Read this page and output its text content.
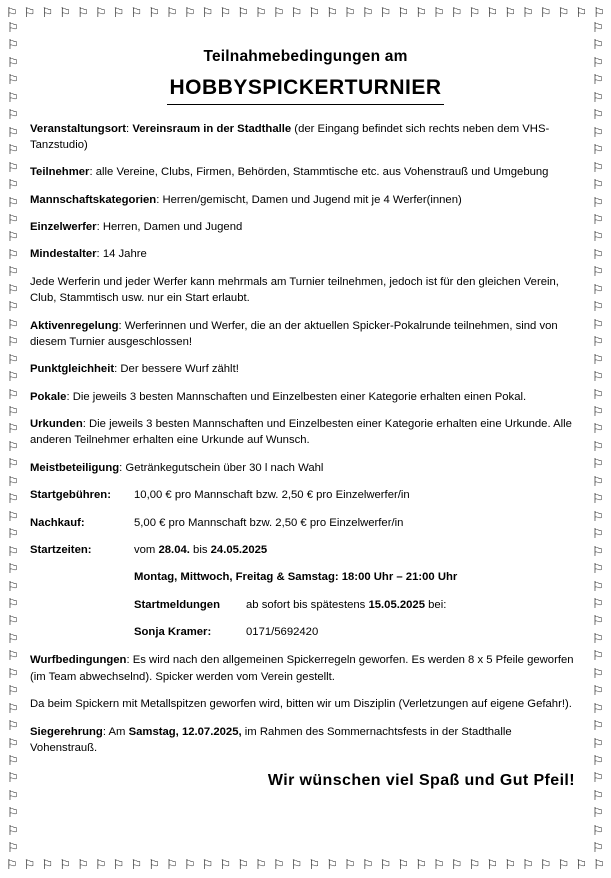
⚐ ⚐ ⚐ ⚐ ⚐ ⚐ ⚐ ⚐ ⚐ ⚐ ⚐ ⚐ ⚐ ⚐ ⚐ ⚐ ⚐ ⚐ ⚐ ⚐ ⚐ ⚐ ⚐ ⚐ ⚐ ⚐ ⚐ ⚐ ⚐ ⚐ ⚐ ⚐ ⚐ ⚐
⚐ ⚐ ⚐ ⚐ ⚐ ⚐ ⚐ ⚐ ⚐ ⚐ ⚐ ⚐ ⚐ ⚐ ⚐ ⚐ ⚐ ⚐ ⚐ ⚐ ⚐ ⚐ ⚐ ⚐ ⚐ ⚐ ⚐ ⚐ ⚐ ⚐ ⚐ ⚐ ⚐ ⚐
⚐
⚐
⚐
⚐
⚐
⚐
⚐
⚐
⚐
⚐
⚐
⚐
⚐
⚐
⚐
⚐
⚐
⚐
⚐
⚐
⚐
⚐
⚐
⚐
⚐
⚐
⚐
⚐
⚐
⚐
⚐
⚐
⚐
⚐
⚐
⚐
⚐
⚐
⚐
⚐
⚐
⚐
⚐
⚐
⚐
⚐
⚐
⚐
⚐
⚐
⚐
⚐
⚐
⚐
⚐
⚐
⚐
⚐
⚐
⚐
⚐
⚐
⚐
⚐
⚐
⚐
⚐
⚐
⚐
⚐
⚐
⚐
⚐
⚐
⚐
⚐
⚐
⚐
⚐
⚐
⚐
⚐
⚐
⚐
⚐
⚐
⚐
⚐
⚐
⚐
⚐
⚐
⚐
⚐
⚐
⚐
Teilnahmebedingungen am
hobbyspickerturnier

Veranstaltungsort: Vereinsraum in der Stadthalle (der Eingang befindet sich rechts neben dem VHS-Tanzstudio)

Teilnehmer: alle Vereine, Clubs, Firmen, Behörden, Stammtische etc. aus Vohenstrauß und Umgebung

Mannschaftskategorien: Herren/gemischt, Damen und Jugend mit je 4 Werfer(innen)

Einzelwerfer: Herren, Damen und Jugend

Mindestalter: 14 Jahre

Jede Werferin und jeder Werfer kann mehrmals am Turnier teilnehmen, jedoch ist für den gleichen Verein, Club, Stammtisch usw. nur ein Start erlaubt.

Aktivenregelung: Werferinnen und Werfer, die an der aktuellen Spicker-Pokalrunde teilnehmen, sind von diesem Turnier ausgeschlossen!

Punktgleichheit: Der bessere Wurf zählt!

Pokale: Die jeweils 3 besten Mannschaften und Einzelbesten einer Kategorie erhalten einen Pokal.

Urkunden: Die jeweils 3 besten Mannschaften und Einzelbesten einer Kategorie erhalten eine Urkunde. Alle anderen Teilnehmer erhalten eine Urkunde auf Wunsch.

Meistbeteiligung: Getränkegutschein über 30 l nach Wahl

Startgebühren:	10,00 € pro Mannschaft bzw. 2,50 € pro Einzelwerfer/in
Nachkauf:	5,00 € pro Mannschaft bzw. 2,50 € pro Einzelwerfer/in
Startzeiten:	vom 28.04. bis 24.05.2025
Montag, Mittwoch, Freitag & Samstag: 18:00 Uhr – 21:00 Uhr
Startmeldungen	ab sofort bis spätestens 15.05.2025 bei:
Sonja Kramer:	0171/5692420

Wurfbedingungen: Es wird nach den allgemeinen Spickerregeln geworfen. Es werden 8 x 5 Pfeile geworfen (im Team abwechselnd). Spicker werden vom Verein gestellt.

Da beim Spickern mit Metallspitzen geworfen wird, bitten wir um Disziplin (Verletzungen auf eigene Gefahr!).

Siegerehrung: Am Samstag, 12.07.2025, im Rahmen des Sommernachtsfests in der Stadthalle Vohenstrauß.

Wir wünschen viel Spaß und Gut Pfeil!
